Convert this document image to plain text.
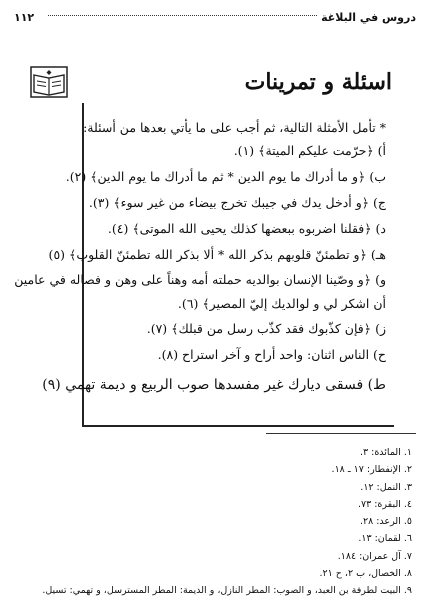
١١٢	دروس في البلاغة
اسئلة و تمرينات

* تأمل الأمثلة التالية، ثم أجب على ما يأتي بعدها من أسئلة:

أ) ﴿حرّمت عليكم الميتة﴾ (١).

ب) ﴿و ما أدراك ما يوم الدين * ثم ما أدراك ما يوم الدين﴾ (٢).

ج) ﴿و أدخل يدك في جيبك تخرج بيضاء من غير سوء﴾ (٣).

د) ﴿فقلنا اضربوه ببعضها كذلك يحيى الله الموتى﴾ (٤).

هـ) ﴿و تطمئنّ قلوبهم بذكر الله * ألا بذكر الله تطمئنّ القلوب﴾ (٥)

و) ﴿و وصّينا الإنسان بوالديه حملته أمه وهناً على وهن و فصاله في عامين أن اشكر لي و لوالديك إليّ المصير﴾ (٦).

ز) ﴿فإن كذّبوك فقد كذّب رسل من قبلك﴾ (٧).

ح) الناس اثنان: واحد أراح و آخر استراح (٨).

ط) فسقى ديارك غير مفسدها صوب الربيع و ديمة تهمي (٩)

١. المائدة: ٣.

٢. الإنفطار: ١٧ ـ ١٨.

٣. النمل: ١٢.

٤. البقرة: ٧٣.

٥. الرعد: ٢٨.

٦. لقمان: ١٣.

٧. آل عمران: ١٨٤.

٨. الخصال، ب ٢، ح ٢١.

٩. البيت لطرفة بن العبد، و الصوب: المطر النازل، و الديمة: المطر المسترسل، و تهمي: تسيل.
